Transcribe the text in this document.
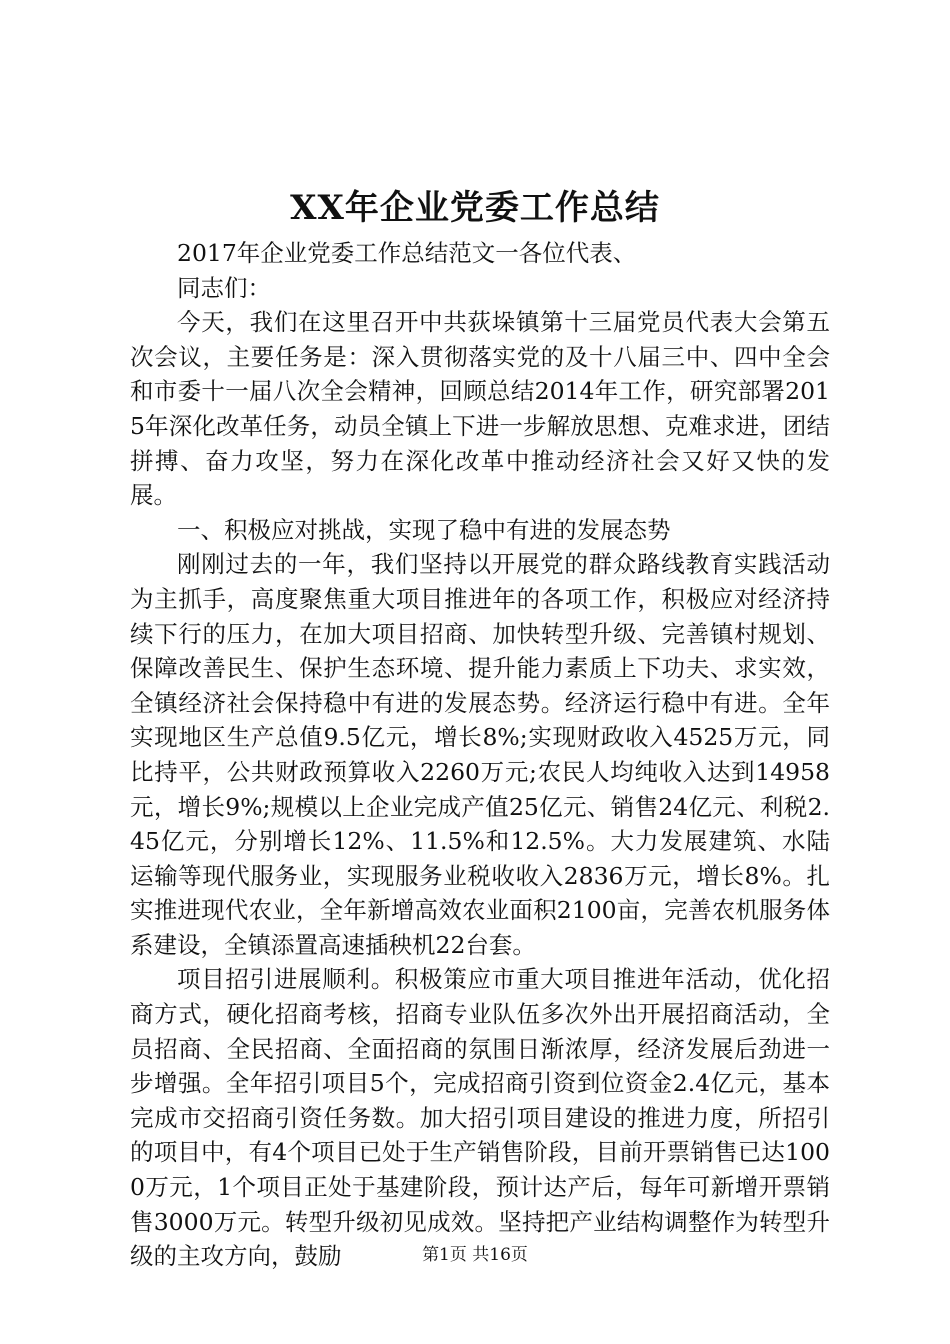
XX年企业党委工作总结

2017年企业党委工作总结范文一各位代表、

同志们：

今天，我们在这里召开中共荻垛镇第十三届党员代表大会第五次会议，主要任务是：深入贯彻落实党的及十八届三中、四中全会和市委十一届八次全会精神，回顾总结2014年工作，研究部署2015年深化改革任务，动员全镇上下进一步解放思想、克难求进，团结拼搏、奋力攻坚，努力在深化改革中推动经济社会又好又快的发展。

一、积极应对挑战，实现了稳中有进的发展态势

刚刚过去的一年，我们坚持以开展党的群众路线教育实践活动为主抓手，高度聚焦重大项目推进年的各项工作，积极应对经济持续下行的压力，在加大项目招商、加快转型升级、完善镇村规划、保障改善民生、保护生态环境、提升能力素质上下功夫、求实效，全镇经济社会保持稳中有进的发展态势。经济运行稳中有进。全年实现地区生产总值9.5亿元，增长8%;实现财政收入4525万元，同比持平，公共财政预算收入2260万元;农民人均纯收入达到14958元，增长9%;规模以上企业完成产值25亿元、销售24亿元、利税2.45亿元，分别增长12%、11.5%和12.5%。大力发展建筑、水陆运输等现代服务业，实现服务业税收收入2836万元，增长8%。扎实推进现代农业，全年新增高效农业面积2100亩，完善农机服务体系建设，全镇添置高速插秧机22台套。

项目招引进展顺利。积极策应市重大项目推进年活动，优化招商方式，硬化招商考核，招商专业队伍多次外出开展招商活动，全员招商、全民招商、全面招商的氛围日渐浓厚，经济发展后劲进一步增强。全年招引项目5个，完成招商引资到位资金2.4亿元，基本完成市交招商引资任务数。加大招引项目建设的推进力度，所招引的项目中，有4个项目已处于生产销售阶段，目前开票销售已达1000万元，1个项目正处于基建阶段，预计达产后，每年可新增开票销售3000万元。转型升级初见成效。坚持把产业结构调整作为转型升级的主攻方向，鼓励	第1页 共16页
